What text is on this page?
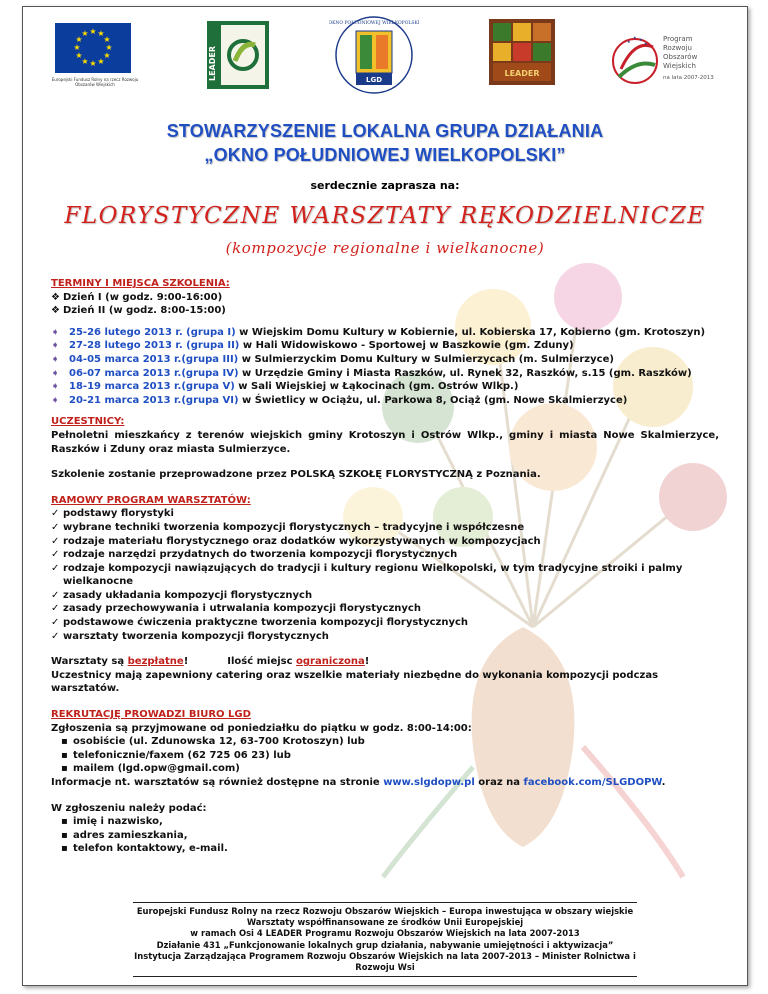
★ ★
★
★
★
★
★
★
★
★
★
★
Europejski Fundusz Rolny na rzecz Rozwoju Obszarów Wiejskich
LEADER	LGD
OKNO POŁUDNIOWEJ WIELKOPOLSKI
LEADER
★
★ ★
★
Program
Rozwoju
Obszarów
Wiejskich
na lata 2007-2013
STOWARZYSZENIE LOKALNA GRUPA DZIAŁANIA
„OKNO POŁUDNIOWEJ WIELKOPOLSKI”
serdecznie zaprasza na:
FLORYSTYCZNE WARSZTATY RĘKODZIELNICZE
(kompozycje regionalne i wielkanocne)

TERMINY I MIEJSCA SZKOLENIA:

❖ Dzień I (w godz. 9:00-16:00)
❖ Dzień II (w godz. 8:00-15:00)
➧ 25-26 lutego 2013 r. (grupa I) w Wiejskim Domu Kultury w Kobiernie, ul. Kobierska 17, Kobierno (gm. Krotoszyn)
➧ 27-28 lutego 2013 r. (grupa II) w Hali Widowiskowo - Sportowej w Baszkowie (gm. Zduny)
➧ 04-05 marca 2013 r.(grupa III) w Sulmierzyckim Domu Kultury w Sulmierzycach (m. Sulmierzyce)
➧ 06-07 marca 2013 r.(grupa IV) w Urzędzie Gminy i Miasta Raszków, ul. Rynek 32, Raszków, s.15 (gm. Raszków)
➧ 18-19 marca 2013 r.(grupa V) w Sali Wiejskiej w Łąkocinach (gm. Ostrów Wlkp.)
➧ 20-21 marca 2013 r.(grupa VI) w Świetlicy w Ociążu, ul. Parkowa 8, Ociąż (gm. Nowe Skalmierzyce)

UCZESTNICY:

Pełnoletni mieszkańcy z terenów wiejskich gminy Krotoszyn i Ostrów Wlkp., gminy i miasta Nowe Skalmierzyce, Raszków i Zduny oraz miasta Sulmierzyce.
Szkolenie zostanie przeprowadzone przez POLSKĄ SZKOŁĘ FLORYSTYCZNĄ z Poznania.

RAMOWY PROGRAM WARSZTATÓW:

✓ podstawy florystyki
✓ wybrane techniki tworzenia kompozycji florystycznych – tradycyjne i współczesne
✓ rodzaje materiału florystycznego oraz dodatków wykorzystywanych w kompozycjach
✓ rodzaje narzędzi przydatnych do tworzenia kompozycji florystycznych
✓ rodzaje kompozycji nawiązujących do tradycji i kultury regionu Wielkopolski, w tym tradycyjne stroiki i palmy wielkanocne
✓ zasady układania kompozycji florystycznych
✓ zasady przechowywania i utrwalania kompozycji florystycznych
✓ podstawowe ćwiczenia praktyczne tworzenia kompozycji florystycznych
✓ warsztaty tworzenia kompozycji florystycznych
Warsztaty są bezpłatne!	Ilość miejsc ograniczona!
Uczestnicy mają zapewniony catering oraz wszelkie materiały niezbędne do wykonania kompozycji podczas warsztatów.

REKRUTACJĘ PROWADZI BIURO LGD

Zgłoszenia są przyjmowane od poniedziałku do piątku w godz. 8:00-14:00:
▪ osobiście (ul. Zdunowska 12, 63-700 Krotoszyn) lub
▪ telefonicznie/faxem (62 725 06 23) lub
▪ mailem (lgd.opw@gmail.com)
Informacje nt. warsztatów są również dostępne na stronie www.slgdopw.pl oraz na facebook.com/SLGDOPW.
W zgłoszeniu należy podać:
▪ imię i nazwisko,
▪ adres zamieszkania,
▪ telefon kontaktowy, e-mail.
Europejski Fundusz Rolny na rzecz Rozwoju Obszarów Wiejskich – Europa inwestująca w obszary wiejskie
Warsztaty współfinansowane ze środków Unii Europejskiej
w ramach Osi 4 LEADER Programu Rozwoju Obszarów Wiejskich na lata 2007-2013
Działanie 431 „Funkcjonowanie lokalnych grup działania, nabywanie umiejętności i aktywizacja”
Instytucja Zarządzająca Programem Rozwoju Obszarów Wiejskich na lata 2007-2013 – Minister Rolnictwa i Rozwoju Wsi
